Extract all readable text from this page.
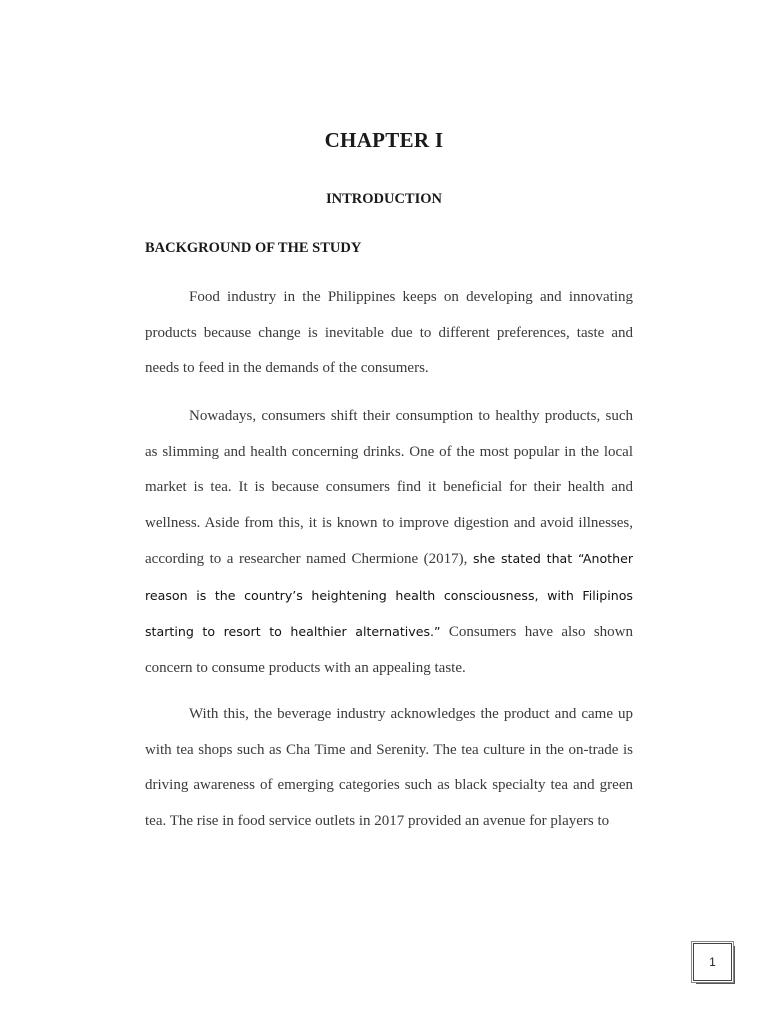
CHAPTER I
INTRODUCTION
BACKGROUND OF THE STUDY
Food industry in the Philippines keeps on developing and innovating products because change is inevitable due to different preferences, taste and needs to feed in the demands of the consumers.
Nowadays, consumers shift their consumption to healthy products, such as slimming and health concerning drinks. One of the most popular in the local market is tea. It is because consumers find it beneficial for their health and wellness. Aside from this, it is known to improve digestion and avoid illnesses, according to a researcher named Chermione (2017), she stated that “Another reason is the country’s heightening health consciousness, with Filipinos starting to resort to healthier alternatives.” Consumers have also shown concern to consume products with an appealing taste.
With this, the beverage industry acknowledges the product and came up with tea shops such as Cha Time and Serenity. The tea culture in the on-trade is driving awareness of emerging categories such as black specialty tea and green tea. The rise in food service outlets in 2017 provided an avenue for players to
1
